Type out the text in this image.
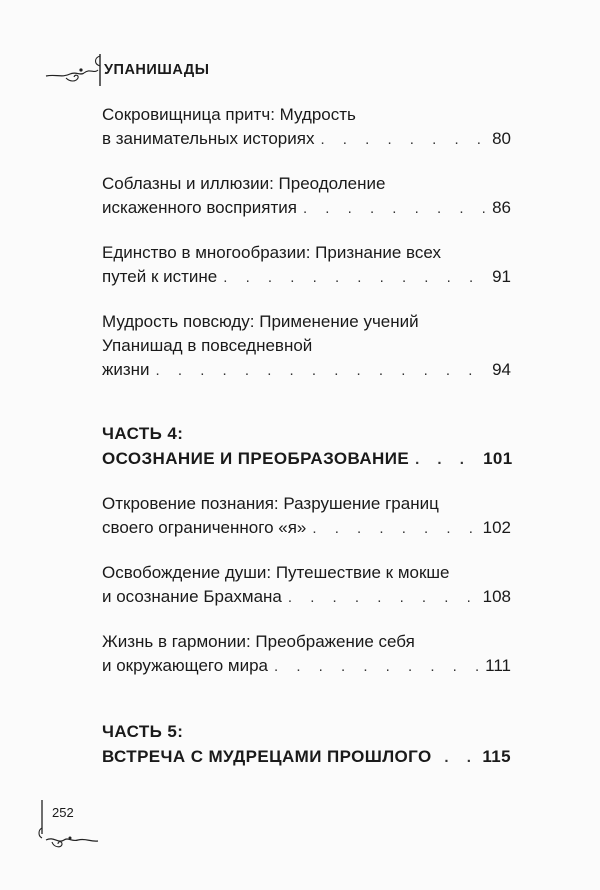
УПАНИШАДЫ
Сокровищница притч: Мудрость
в занимательных историях . . .	80
Соблазны и иллюзии: Преодоление
искаженного восприятия . . .	86
Единство в многообразии: Признание всех
путей к истине . . .	91
Мудрость повсюду: Применение учений
Упанишад в повседневной
жизни . . .	94
ЧАСТЬ 4:
ОСОЗНАНИЕ И ПРЕОБРАЗОВАНИЕ . . .	101
Откровение познания: Разрушение границ
своего ограниченного «я» . . .	102
Освобождение души: Путешествие к мокше
и осознание Брахмана . . .	108
Жизнь в гармонии: Преображение себя
и окружающего мира . . .	111
ЧАСТЬ 5:
ВСТРЕЧА С МУДРЕЦАМИ ПРОШЛОГО . . .	115
252
